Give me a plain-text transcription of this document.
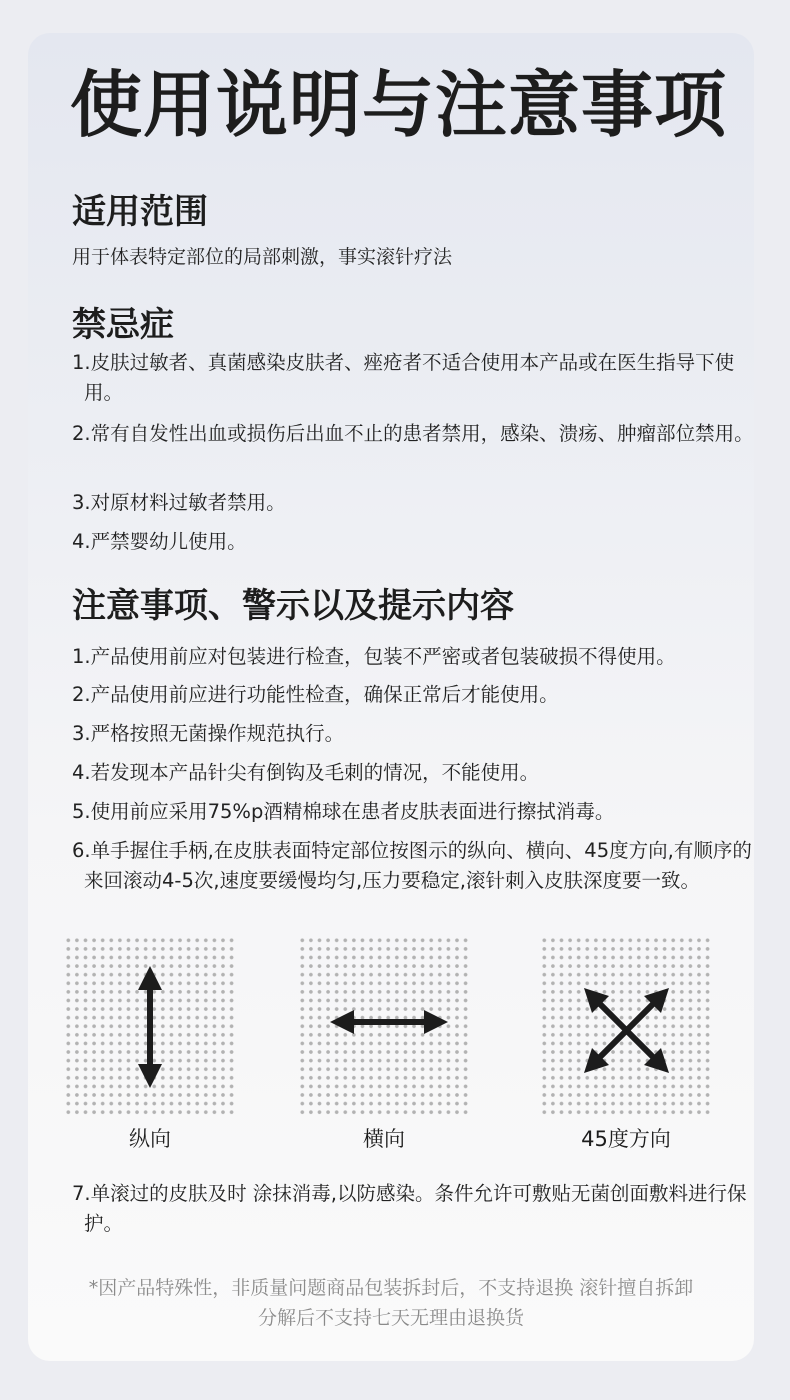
使用说明与注意事项
适用范围

用于体表特定部位的局部刺激，事实滚针疗法

禁忌症

1.皮肤过敏者、真菌感染皮肤者、痤疮者不适合使用本产品或在医生指导下使用。

2.常有自发性出血或损伤后出血不止的患者禁用，感染、溃疡、肿瘤部位禁用。

3.对原材料过敏者禁用。

4.严禁婴幼儿使用。

注意事项、警示以及提示内容

1.产品使用前应对包装进行检查，包装不严密或者包装破损不得使用。

2.产品使用前应进行功能性检查，确保正常后才能使用。

3.严格按照无菌操作规范执行。

4.若发现本产品针尖有倒钩及毛刺的情况，不能使用。

5.使用前应采用75%p酒精棉球在患者皮肤表面进行擦拭消毒。

6.单手握住手柄,在皮肤表面特定部位按图示的纵向、横向、45度方向,有顺序的来回滚动4-5次,速度要缓慢均匀,压力要稳定,滚针刺入皮肤深度要一致。

纵向	横向	45度方向

7.单滚过的皮肤及时 涂抹消毒,以防感染。条件允许可敷贴无菌创面敷料进行保护。

*因产品特殊性，非质量问题商品包装拆封后，不支持退换 滚针擅自拆卸
分解后不支持七天无理由退换货
